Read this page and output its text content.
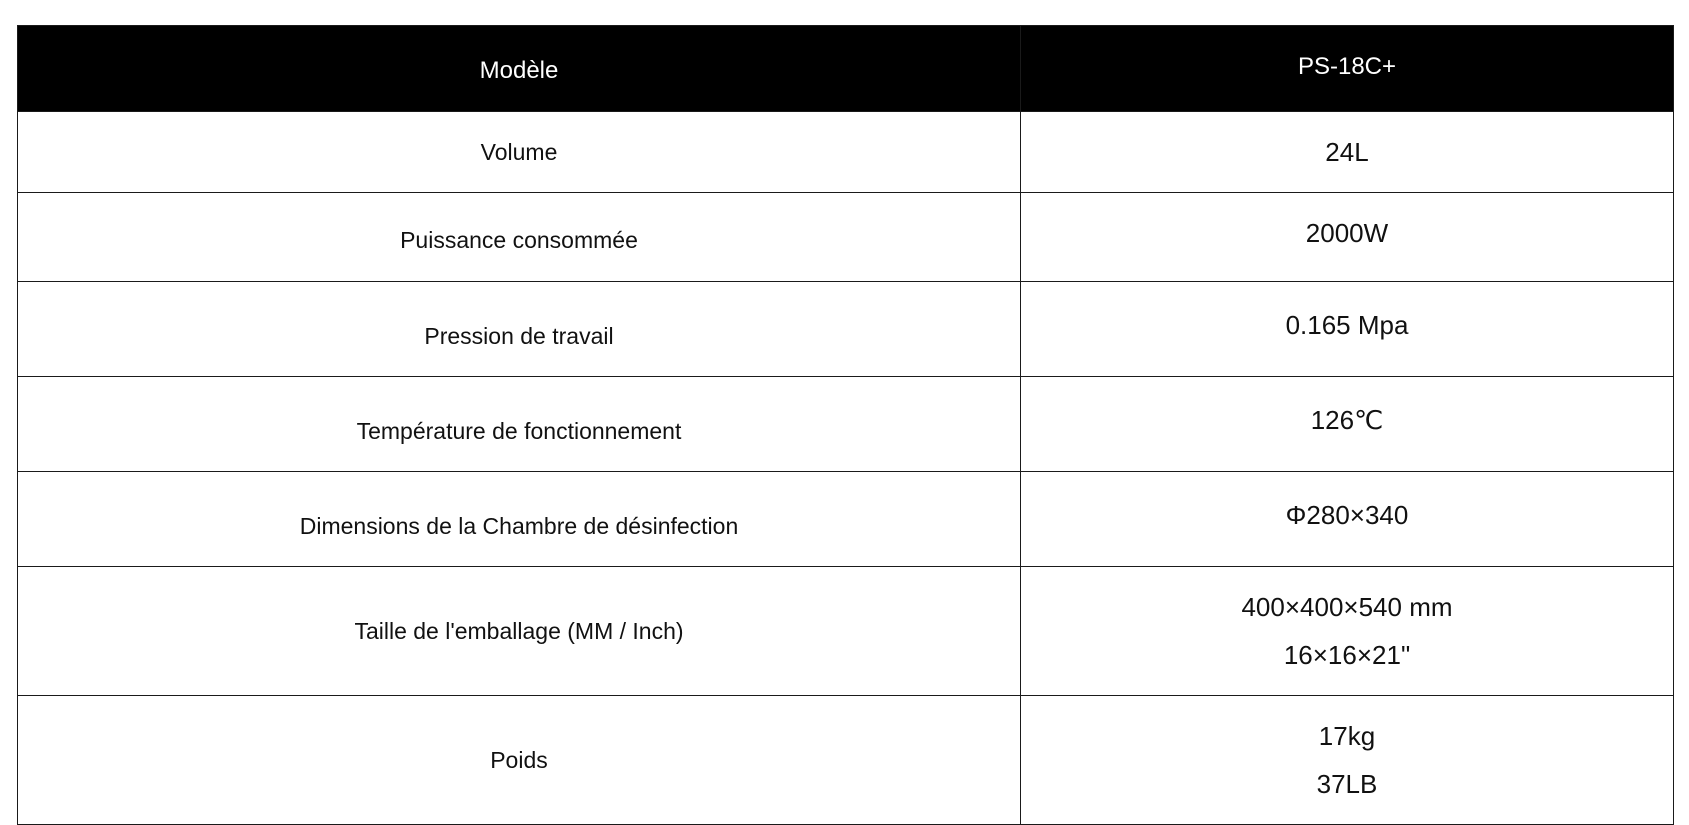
Modèle	PS-18C+
Volume	24L
Puissance consommée	2000W
Pression de travail	0.165 Mpa
Température de fonctionnement	126℃
Dimensions de la Chambre de désinfection	Φ280×340
Taille de l'emballage (MM / Inch)	400×400×540 mm
16×16×21"

Poids	17kg
37LB
